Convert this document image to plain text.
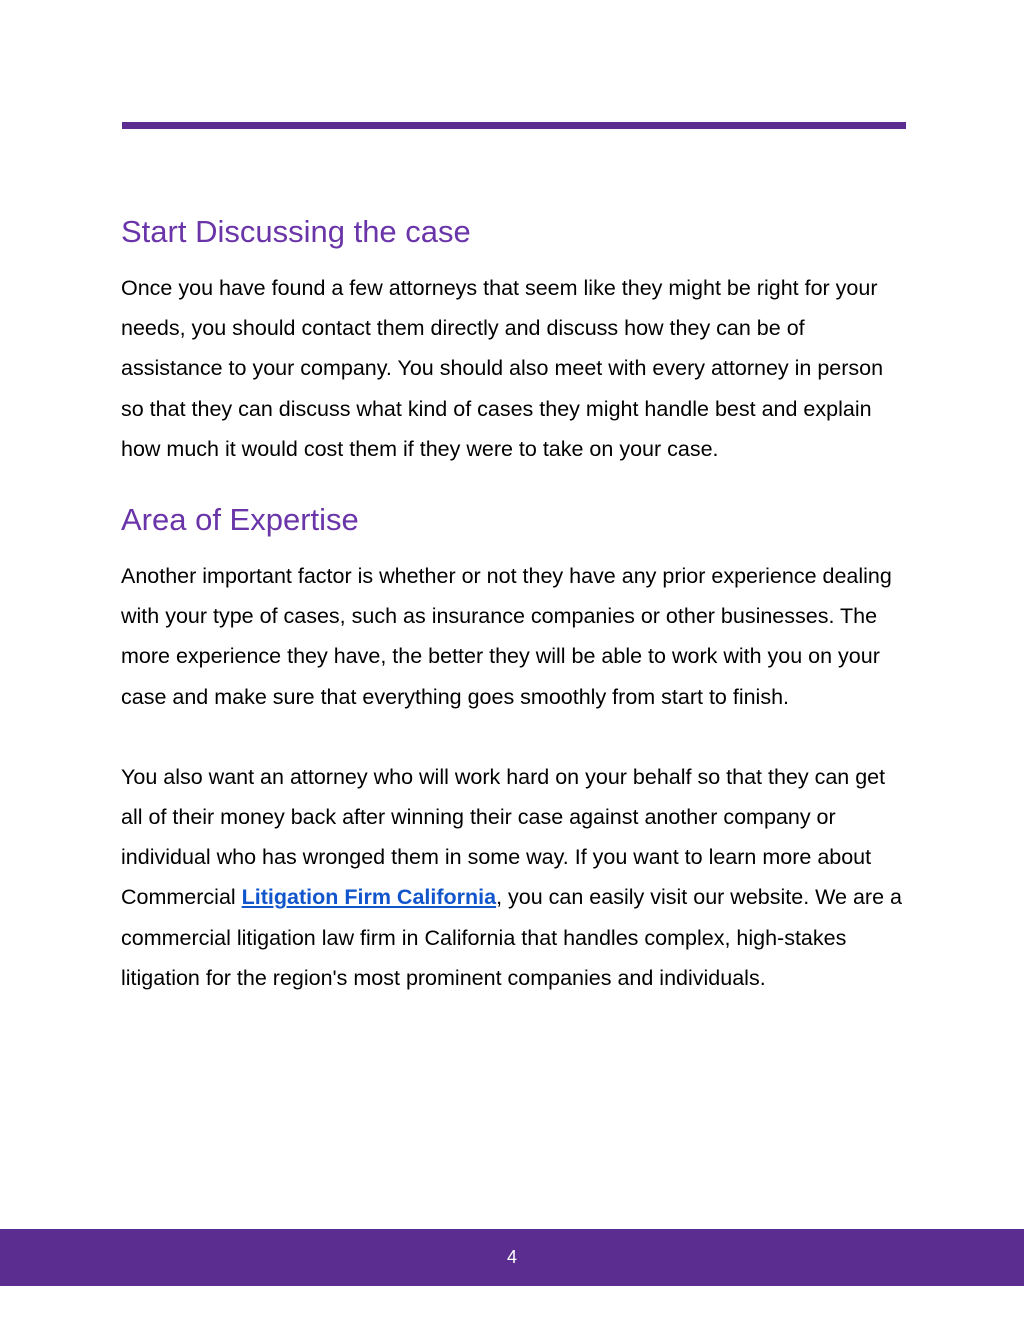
Start Discussing the case

Once you have found a few attorneys that seem like they might be right for your needs, you should contact them directly and discuss how they can be of assistance to your company. You should also meet with every attorney in person so that they can discuss what kind of cases they might handle best and explain how much it would cost them if they were to take on your case.

Area of Expertise

Another important factor is whether or not they have any prior experience dealing with your type of cases, such as insurance companies or other businesses. The more experience they have, the better they will be able to work with you on your case and make sure that everything goes smoothly from start to finish.

You also want an attorney who will work hard on your behalf so that they can get all of their money back after winning their case against another company or individual who has wronged them in some way. If you want to learn more about Commercial Litigation Firm California, you can easily visit our website. We are a commercial litigation law firm in California that handles complex, high-stakes litigation for the region's most prominent companies and individuals.

4
